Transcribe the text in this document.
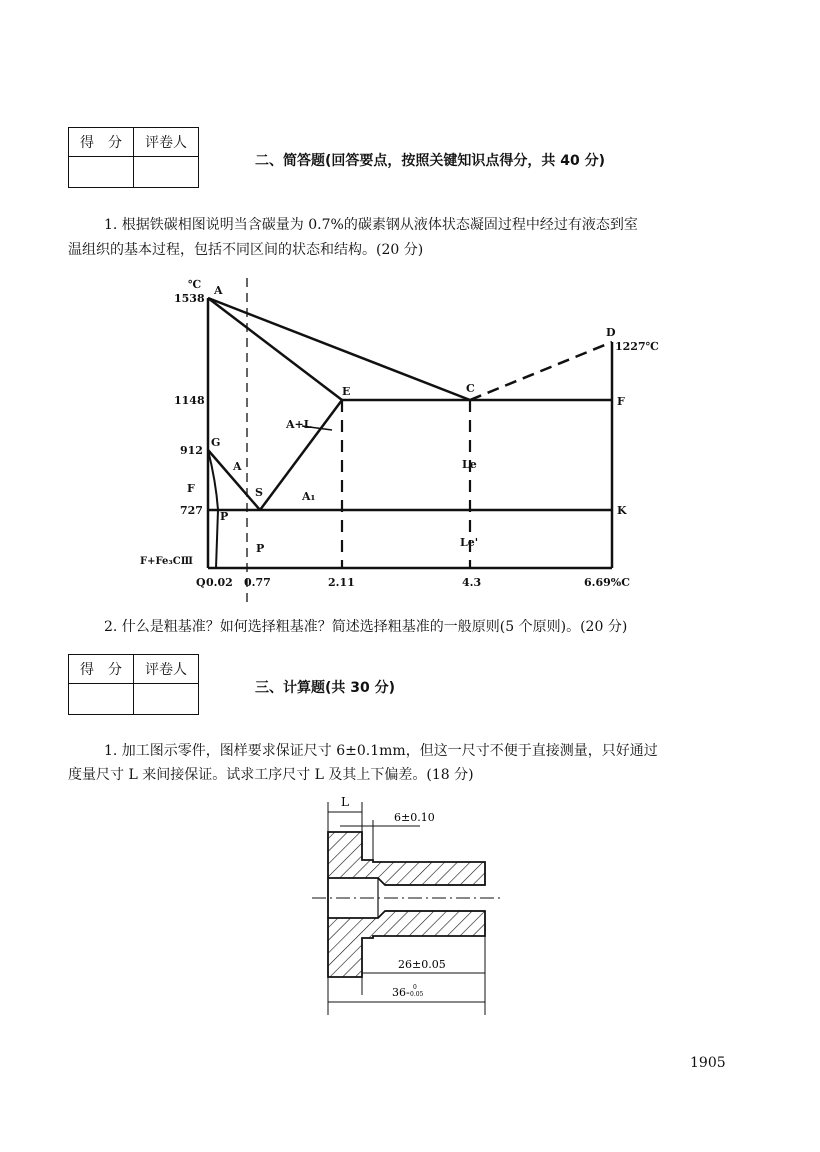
得　分	评卷人

二、简答题(回答要点，按照关键知识点得分，共 40 分)
1. 根据铁碳相图说明当含碳量为 0.7%的碳素钢从液体状态凝固过程中经过有液态到室
温组织的基本过程，包括不同区间的状态和结构。(20 分)
℃
1538
1148
912
727
Q 0.02 0.77	2.11	4.3	6.69%C
A
D
1227℃
E	C
F
G
S
K
P
P
A+L
A
F
A₁
Le
Le'
F+Fe₃CⅢ
2. 什么是粗基准？如何选择粗基准？简述选择粗基准的一般原则(5 个原则)。(20 分)
得　分	评卷人

三、计算题(共 30 分)
1. 加工图示零件，图样要求保证尺寸 6±0.1mm，但这一尺寸不便于直接测量，只好通过
度量尺寸 L 来间接保证。试求工序尺寸 L 及其上下偏差。(18 分)
L
6±0.10
26±0.05
36- 0
0.05
1905
